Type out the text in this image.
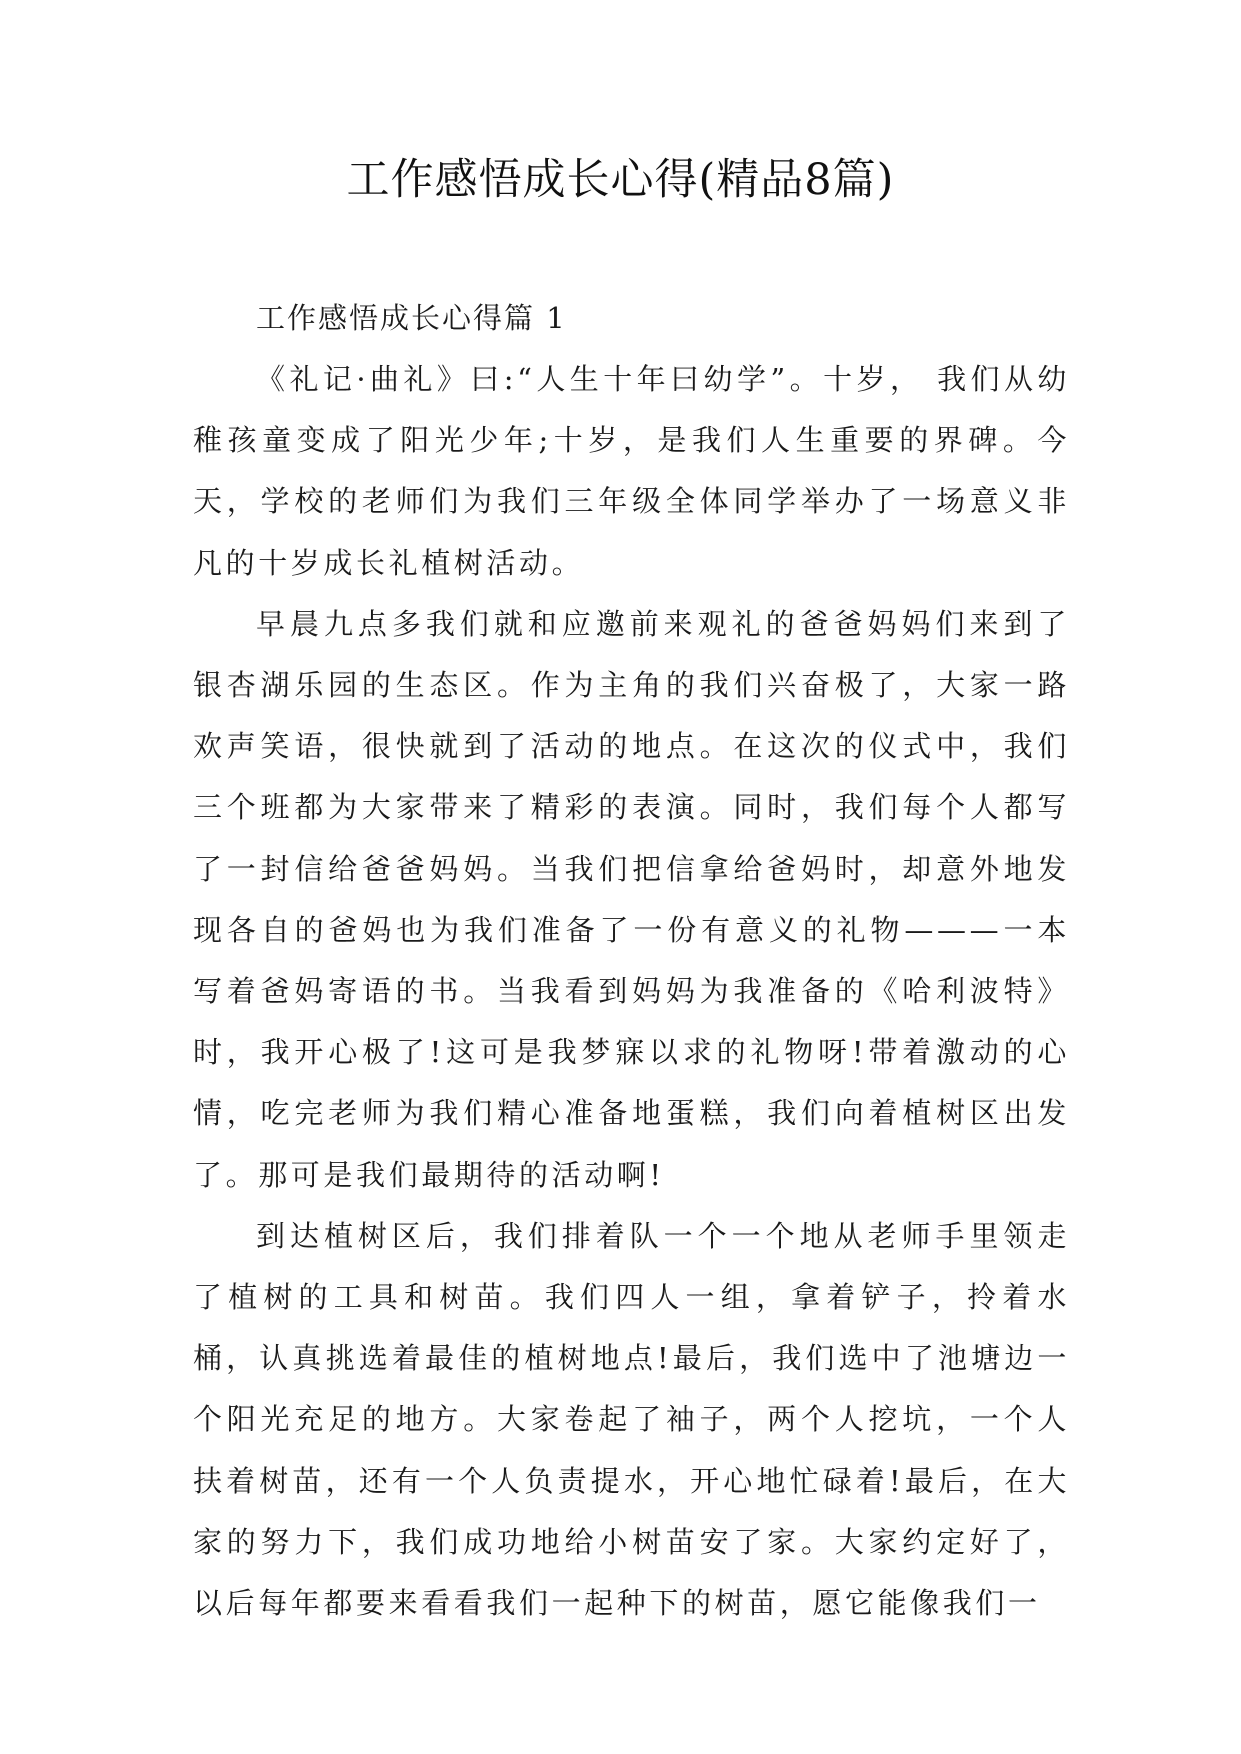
工作感悟成长心得(精品8篇)
工作感悟成长心得篇 1

《礼记·曲礼》曰:“人生十年曰幼学”。十岁， 我们从幼稚孩童变成了阳光少年;十岁，是我们人生重要的界碑。今天，学校的老师们为我们三年级全体同学举办了一场意义非凡的十岁成长礼植树活动。

早晨九点多我们就和应邀前来观礼的爸爸妈妈们来到了银杏湖乐园的生态区。作为主角的我们兴奋极了，大家一路欢声笑语，很快就到了活动的地点。在这次的仪式中，我们三个班都为大家带来了精彩的表演。同时，我们每个人都写了一封信给爸爸妈妈。当我们把信拿给爸妈时，却意外地发现各自的爸妈也为我们准备了一份有意义的礼物———一本写着爸妈寄语的书。当我看到妈妈为我准备的《哈利波特》时，我开心极了!这可是我梦寐以求的礼物呀!带着激动的心情，吃完老师为我们精心准备地蛋糕，我们向着植树区出发了。那可是我们最期待的活动啊!

到达植树区后，我们排着队一个一个地从老师手里领走了植树的工具和树苗。我们四人一组，拿着铲子，拎着水桶，认真挑选着最佳的植树地点!最后，我们选中了池塘边一个阳光充足的地方。大家卷起了袖子，两个人挖坑，一个人扶着树苗，还有一个人负责提水，开心地忙碌着!最后，在大家的努力下，我们成功地给小树苗安了家。大家约定好了，以后每年都要来看看我们一起种下的树苗，愿它能像我们一
